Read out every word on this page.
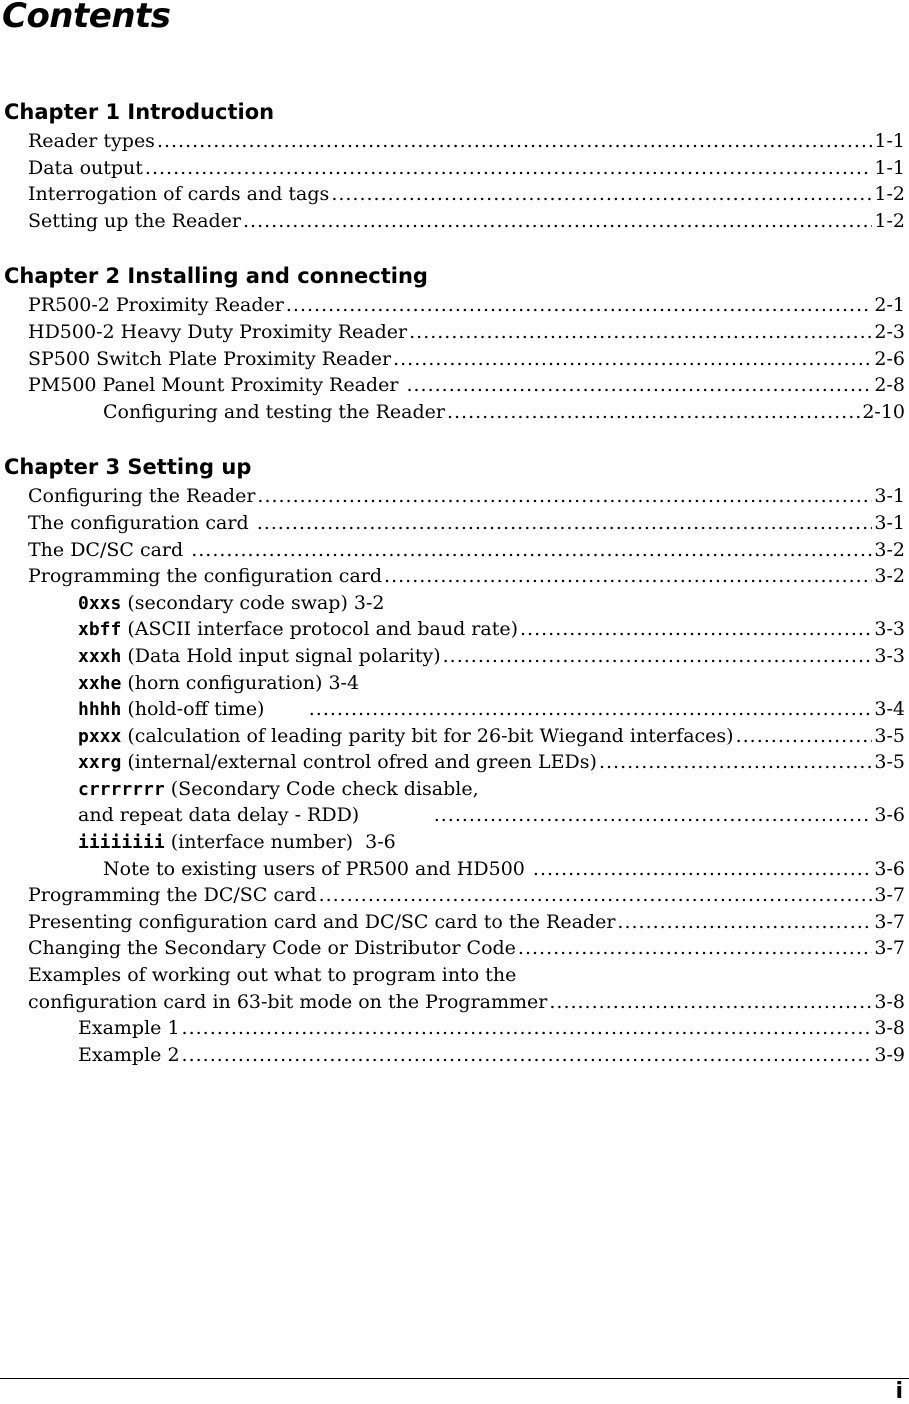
Contents
Chapter 1 Introduction
Reader types .....	1-1
Data output .....	1-1
Interrogation of cards and tags .....	1-2
Setting up the Reader .....	1-2
Chapter 2 Installing and connecting
PR500-2 Proximity Reader .....	2-1
HD500-2 Heavy Duty Proximity Reader .....	2-3
SP500 Switch Plate Proximity Reader .....	2-6
PM500 Panel Mount Proximity Reader .....	2-8
Configuring and testing the Reader .....	2-10
Chapter 3 Setting up
Configuring the Reader .....	3-1
The configuration card .....	3-1
The DC/SC card .....	3-2
Programming the configuration card .....	3-2
0xxs (secondary code swap) 3-2
xbff (ASCII interface protocol and baud rate) .....	3-3
xxxh (Data Hold input signal polarity) .....	3-3
xxhe (horn configuration) 3-4
hhhh (hold-off time) .....	3-4
pxxx (calculation of leading parity bit for 26-bit Wiegand interfaces) .....	3-5
xxrg (internal/external control ofred and green LEDs) .....	3-5
crrrrrrr (Secondary Code check disable,
and repeat data delay - RDD) .....	3-6
iiiiiiii (interface number)  3-6
Note to existing users of PR500 and HD500 .....	3-6
Programming the DC/SC card .....	3-7
Presenting configuration card and DC/SC card to the Reader .....	3-7
Changing the Secondary Code or Distributor Code .....	3-7
Examples of working out what to program into the
configuration card in 63-bit mode on the Programmer .....	3-8
Example 1 .....	3-8
Example 2 .....	3-9
i
